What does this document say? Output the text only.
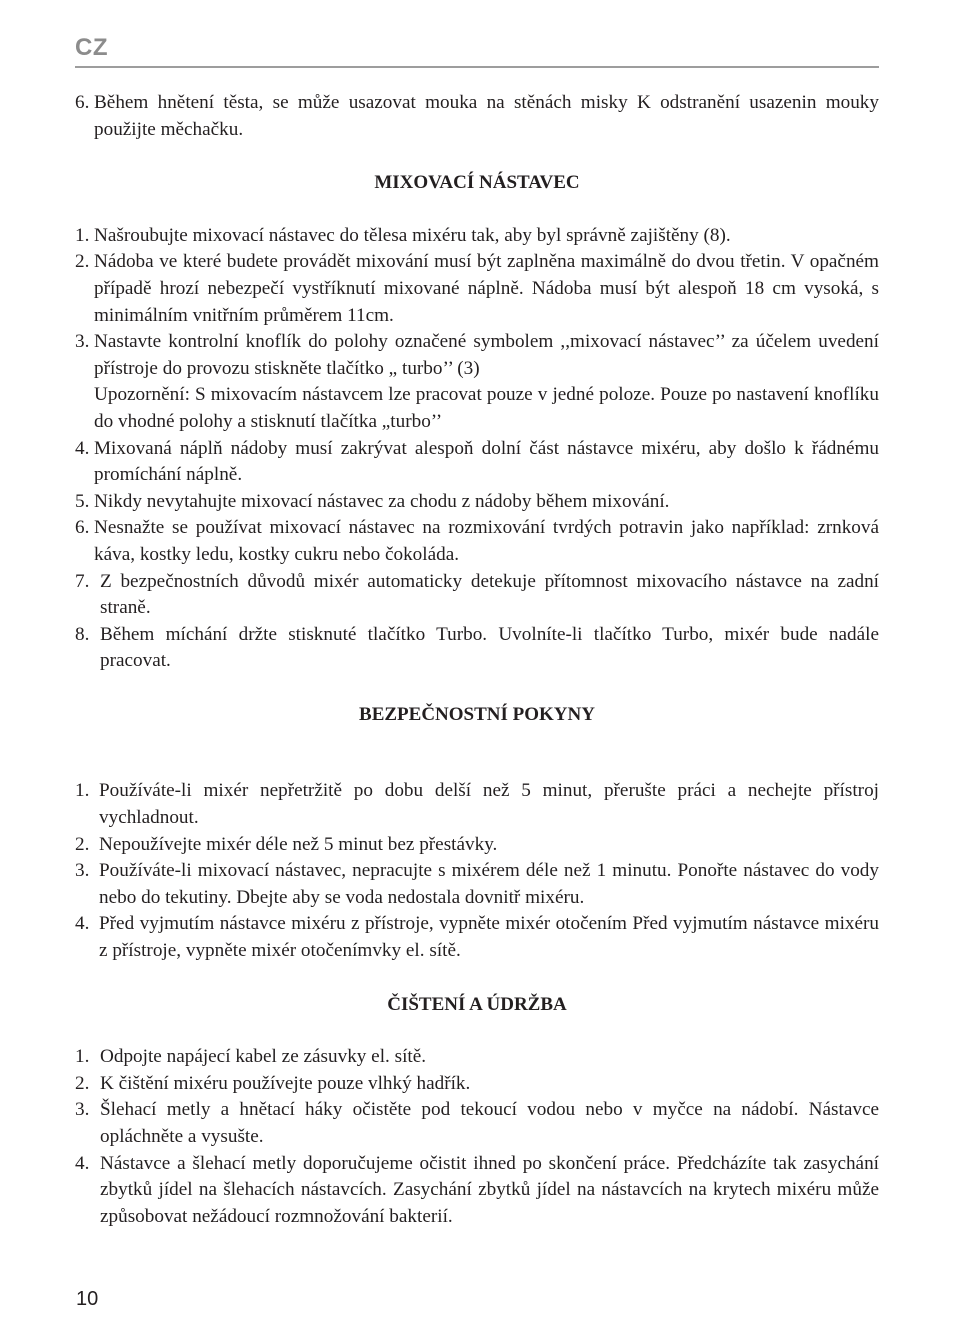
CZ
6. Během hnětení těsta, se může usazovat mouka na stěnách misky K odstranění usazenin mouky použijte měchačku.
MIXOVACÍ NÁSTAVEC
1. Našroubujte mixovací nástavec do tělesa mixéru tak, aby byl správně zajištěny (8).
2. Nádoba ve které budete provádět mixování musí být zaplněna maximálně do dvou třetin. V opačném případě hrozí nebezpečí vystříknutí mixované náplně. Nádoba musí být alespoň 18 cm vysoká, s minimálním vnitřním průměrem 11cm.
3. Nastavte kontrolní knoflík do polohy označené symbolem ,,mixovací nástavec’’ za účelem uvedení přístroje do provozu stiskněte tlačítko „ turbo’’ (3)
Upozornění: S mixovacím nástavcem lze pracovat pouze v jedné poloze. Pouze po nastavení knoflíku do vhodné polohy a stisknutí tlačítka „turbo’’
4. Mixovaná náplň nádoby musí zakrývat alespoň dolní část nástavce mixéru, aby došlo k řádnému promíchání náplně.
5. Nikdy nevytahujte mixovací nástavec za chodu z nádoby během mixování.
6. Nesnažte se používat mixovací nástavec na rozmixování tvrdých potravin jako například: zrnková káva, kostky ledu, kostky cukru nebo čokoláda.
7. Z bezpečnostních důvodů mixér automaticky detekuje přítomnost mixovacího nástavce na zadní straně.
8. Během míchání držte stisknuté tlačítko Turbo. Uvolníte-li tlačítko Turbo, mixér bude nadále pracovat.
BEZPEČNOSTNÍ POKYNY
1. Používáte-li mixér nepřetržitě po dobu delší než 5 minut, přerušte práci a nechejte přístroj vychladnout.
2. Nepoužívejte mixér déle než 5 minut bez přestávky.
3. Používáte-li mixovací nástavec, nepracujte s mixérem déle než 1 minutu. Ponořte nástavec do vody nebo do tekutiny. Dbejte aby se voda nedostala dovnitř mixéru.
4. Před vyjmutím nástavce mixéru z přístroje, vypněte mixér otočením Před vyjmutím nástavce mixéru z přístroje, vypněte mixér otočenímvky el. sítě.
ČIŠTENÍ A ÚDRŽBA
1. Odpojte napájecí kabel ze zásuvky el. sítě.
2. K čištění mixéru používejte pouze vlhký hadřík.
3. Šlehací metly a hnětací háky očistěte pod tekoucí vodou nebo v myčce na nádobí. Nástavce opláchněte a vysušte.
4. Nástavce a šlehací metly doporučujeme očistit ihned po skončení práce. Předcházíte tak zasychání zbytků jídel na šlehacích nástavcích. Zasychání zbytků jídel na nástavcích na krytech mixéru může způsobovat nežádoucí rozmnožování bakterií.
10
